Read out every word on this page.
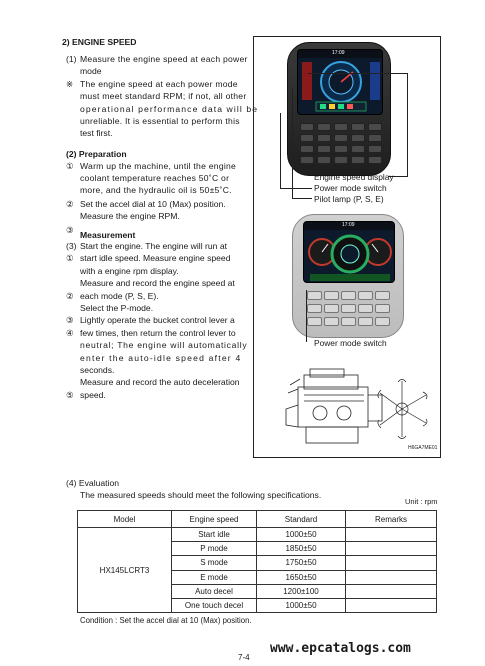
2) ENGINE SPEED
(1) Measure the engine speed at each power
mode
※ The engine speed at each power mode
must meet standard RPM; if not, all other
operational performance data will be
unreliable. It is essential to perform this
test first.
(2) Preparation
① Warm up the machine, until the engine
coolant temperature reaches 50˚C or
more, and the hydraulic oil is 50±5˚C.
② Set the accel dial at 10 (Max) position.
Measure the engine RPM.
③ Measurement
(3) Start the engine. The engine will run at
① start idle speed. Measure engine speed
with a engine rpm display.
Measure and record the engine speed at
② each mode (P, S, E).
Select the P-mode.
③ Lightly operate the bucket control lever a
④ few times, then return the control lever to
neutral; The engine will automatically
enter the auto-idle speed after 4
seconds.
Measure and record the auto deceleration
⑤ speed.
17:09
17:09
Engine speed display
Power mode switch
Pilot lamp (P, S, E)
Power mode switch
H6GA7ME01
(4) Evaluation
The measured speeds should meet the following specifications.
Unit : rpm
Model	Engine speed	Standard	Remarks
HX145LCRT3	Start idle	1000±50	
	P mode	1850±50	
	S mode	1750±50	
	E mode	1650±50	
	Auto decel	1200±100	
	One touch decel	1000±50	
Condition : Set the accel dial at 10 (Max) position.
7-4
www.epcatalogs.com
